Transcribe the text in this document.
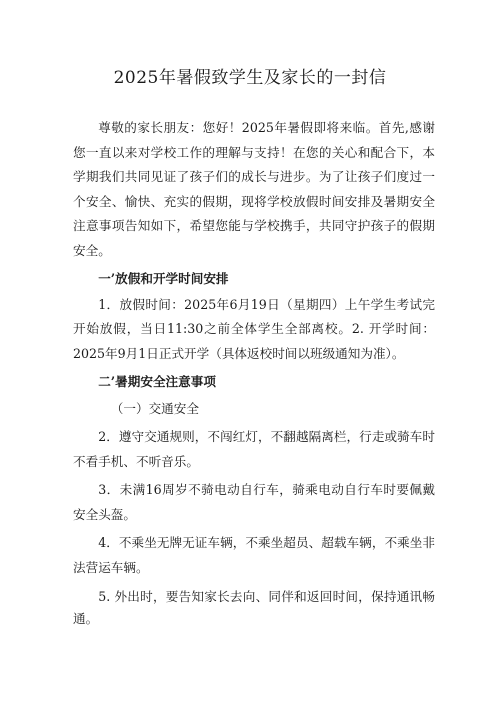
2025年暑假致学生及家长的一封信

尊敬的家长朋友：您好！2025年暑假即将来临。首先,感谢您一直以来对学校工作的理解与支持！在您的关心和配合下，本学期我们共同见证了孩子们的成长与进步。为了让孩子们度过一个安全、愉快、充实的假期，现将学校放假时间安排及暑期安全注意事项告知如下，希望您能与学校携手，共同守护孩子的假期安全。

一’放假和开学时间安排

1．放假时间：2025年6月19日（星期四）上午学生考试完开始放假，当日11:30之前全体学生全部离校。2. 开学时间：2025年9月1日正式开学（具体返校时间以班级通知为准）。

二’暑期安全注意事项

（一）交通安全

2．遵守交通规则，不闯红灯，不翻越隔离栏，行走或骑车时不看手机、不听音乐。

3．未满16周岁不骑电动自行车，骑乘电动自行车时要佩戴安全头盔。

4．不乘坐无牌无证车辆，不乘坐超员、超载车辆，不乘坐非法营运车辆。

5. 外出时，要告知家长去向、同伴和返回时间，保持通讯畅通。
